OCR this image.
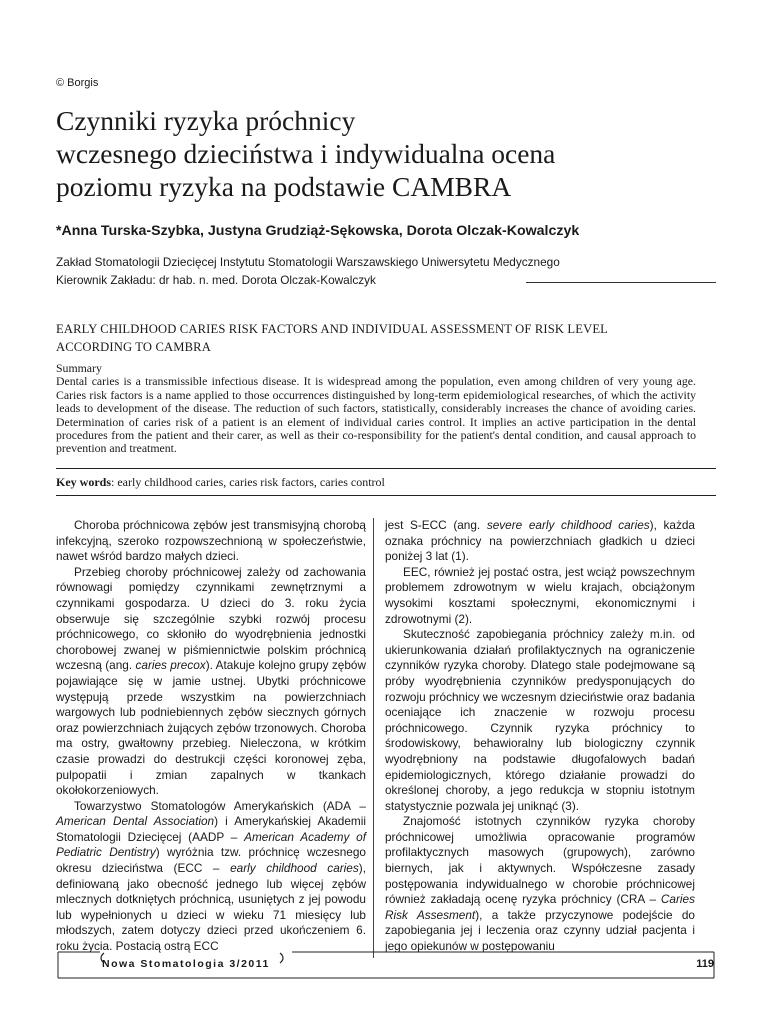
© Borgis
Czynniki ryzyka próchnicy
wczesnego dzieciństwa i indywidualna ocena
poziomu ryzyka na podstawie CAMBRA
*Anna Turska-Szybka, Justyna Grudziąż-Sękowska, Dorota Olczak-Kowalczyk
Zakład Stomatologii Dziecięcej Instytutu Stomatologii Warszawskiego Uniwersytetu Medycznego
Kierownik Zakładu: dr hab. n. med. Dorota Olczak-Kowalczyk
EARLY CHILDHOOD CARIES RISK FACTORS AND INDIVIDUAL ASSESSMENT OF RISK LEVEL
ACCORDING TO CAMBRA
Summary
Dental caries is a transmissible infectious disease. It is widespread among the population, even among children of very young age. Caries risk factors is a name applied to those occurrences distinguished by long-term epidemiological researches, of which the activity leads to development of the disease. The reduction of such factors, statistically, considerably increases the chance of avoiding caries. Determination of caries risk of a patient is an element of individual caries control. It implies an active participation in the dental procedures from the patient and their carer, as well as their co-responsibility for the patient's dental condition, and causal approach to prevention and treatment.
Key words: early childhood caries, caries risk factors, caries control

Choroba próchnicowa zębów jest transmisyjną chorobą infekcyjną, szeroko rozpowszechnioną w społeczeństwie, nawet wśród bardzo małych dzieci.

Przebieg choroby próchnicowej zależy od zachowania równowagi pomiędzy czynnikami zewnętrznymi a czynnikami gospodarza. U dzieci do 3. roku życia obserwuje się szczególnie szybki rozwój procesu próchnicowego, co skłoniło do wyodrębnienia jednostki chorobowej zwanej w piśmiennictwie polskim próchnicą wczesną (ang. caries precox). Atakuje kolejno grupy zębów pojawiające się w jamie ustnej. Ubytki próchnicowe występują przede wszystkim na powierzchniach wargowych lub podniebiennych zębów siecznych górnych oraz powierzchniach żujących zębów trzonowych. Choroba ma ostry, gwałtowny przebieg. Nieleczona, w krótkim czasie prowadzi do destrukcji części koronowej zęba, pulpopatii i zmian zapalnych w tkankach okołokorzeniowych.

Towarzystwo Stomatologów Amerykańskich (ADA – American Dental Association) i Amerykańskiej Akademii Stomatologii Dziecięcej (AADP – American Academy of Pediatric Dentistry) wyróżnia tzw. próchnicę wczesnego okresu dzieciństwa (ECC – early childhood caries), definiowaną jako obecność jednego lub więcej zębów mlecznych dotkniętych próchnicą, usuniętych z jej powodu lub wypełnionych u dzieci w wieku 71 miesięcy lub młodszych, zatem dotyczy dzieci przed ukończeniem 6. roku życia. Postacią ostrą ECC

jest S-ECC (ang. severe early childhood caries), każda oznaka próchnicy na powierzchniach gładkich u dzieci poniżej 3 lat (1).

EEC, również jej postać ostra, jest wciąż powszechnym problemem zdrowotnym w wielu krajach, obciążonym wysokimi kosztami społecznymi, ekonomicznymi i zdrowotnymi (2).

Skuteczność zapobiegania próchnicy zależy m.in. od ukierunkowania działań profilaktycznych na ograniczenie czynników ryzyka choroby. Dlatego stale podejmowane są próby wyodrębnienia czynników predysponujących do rozwoju próchnicy we wczesnym dzieciństwie oraz badania oceniające ich znaczenie w rozwoju procesu próchnicowego. Czynnik ryzyka próchnicy to środowiskowy, behawioralny lub biologiczny czynnik wyodrębniony na podstawie długofalowych badań epidemiologicznych, którego działanie prowadzi do określonej choroby, a jego redukcja w stopniu istotnym statystycznie pozwala jej uniknąć (3).

Znajomość istotnych czynników ryzyka choroby próchnicowej umożliwia opracowanie programów profilaktycznych masowych (grupowych), zarówno biernych, jak i aktywnych. Współczesne zasady postępowania indywidualnego w chorobie próchnicowej również zakładają ocenę ryzyka próchnicy (CRA – Caries Risk Assesment), a także przyczynowe podejście do zapobiegania jej i leczenia oraz czynny udział pacjenta i jego opiekunów w postępowaniu

Nowa Stomatologia 3/2011	119
